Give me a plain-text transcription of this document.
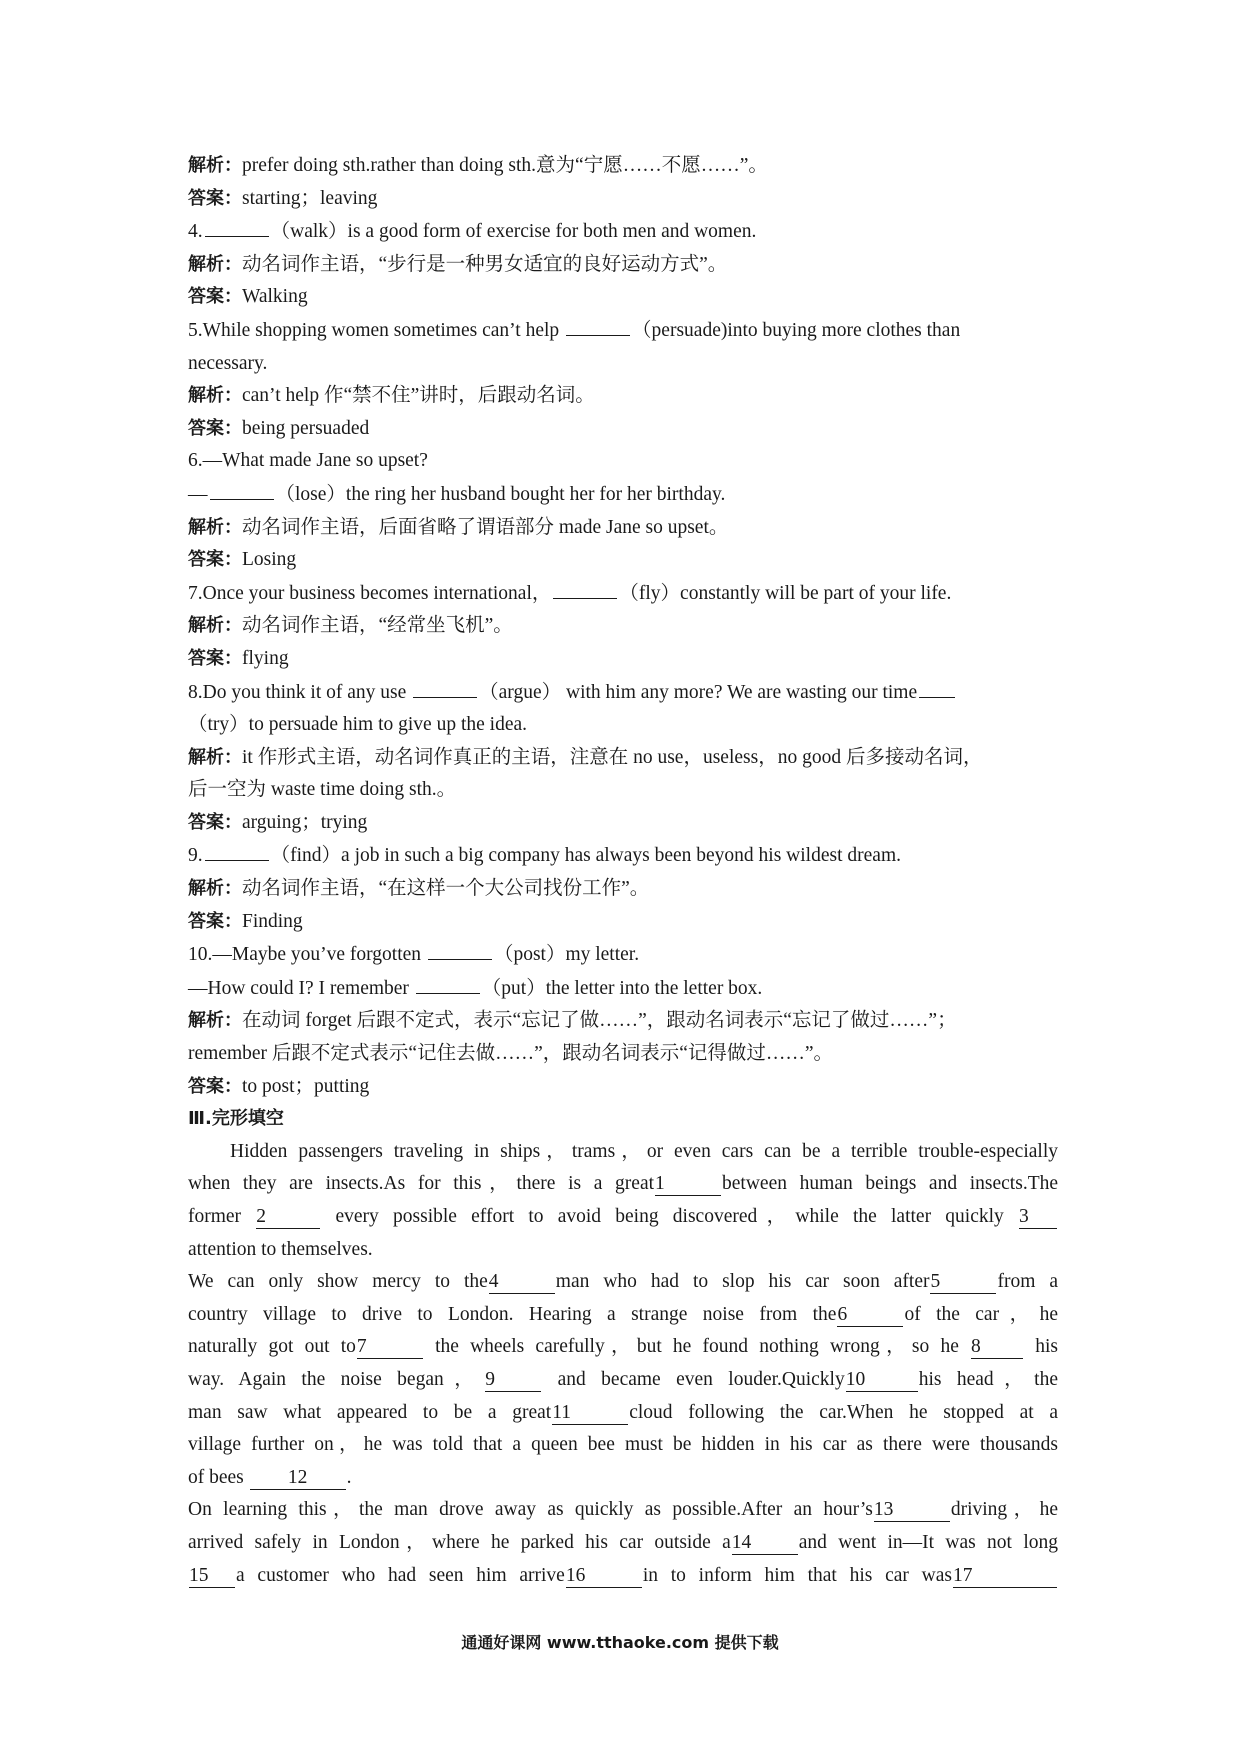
解析：prefer doing sth.rather than doing sth.意为“宁愿……不愿……”。
答案：starting；leaving
4.	（walk）is a good form of exercise for both men and women.
解析：动名词作主语，“步行是一种男女适宜的良好运动方式”。
答案：Walking
5.While shopping women sometimes can’t help	（persuade)into buying more clothes than
necessary.
解析：can’t help 作“禁不住”讲时，后跟动名词。
答案：being persuaded
6.—What made Jane so upset?
—	（lose）the ring her husband bought her for her birthday.
解析：动名词作主语，后面省略了谓语部分 made Jane so upset。
答案：Losing
7.Once your business becomes international，	（fly）constantly will be part of your life.
解析：动名词作主语，“经常坐飞机”。
答案：flying
8.Do you think it of any use	（argue） with him any more? We are wasting our time
（try）to persuade him to give up the idea.
解析：it 作形式主语，动名词作真正的主语，注意在 no use，useless，no good 后多接动名词，
后一空为 waste time doing sth.。
答案：arguing；trying
9.	（find）a job in such a big company has always been beyond his wildest dream.
解析：动名词作主语，“在这样一个大公司找份工作”。
答案：Finding
10.—Maybe you’ve forgotten	（post）my letter.
—How could I? I remember	（put）the letter into the letter box.
解析：在动词 forget 后跟不定式，表示“忘记了做……”，跟动名词表示“忘记了做过……”；
remember 后跟不定式表示“记住去做……”，跟动名词表示“记得做过……”。
答案：to post；putting
Ⅲ.完形填空
Hidden passengers traveling in ships，trams，or even cars can be a terrible trouble-especially
when they are insects.As for this，there is a great1	between human beings and insects.The
former 2	every possible effort to avoid being discovered，while the latter quickly 3
attention to themselves.
We can only show mercy to the4	man who had to slop his car soon after5	from a
country village to drive to London. Hearing a strange noise from the6	of the car，he
naturally got out to7	the wheels carefully，but he found nothing wrong，so he 8	his
way. Again the noise began，9	and became even louder.Quickly10	his head，the
man saw what appeared to be a great11	cloud following the car.When he stopped at a
village further on，he was told that a queen bee must be hidden in his car as there were thousands
of bees 12 .
On learning this，the man drove away as quickly as possible.After an hour’s13	driving，he
arrived safely in London，where he parked his car outside a14 and went in—It was not long
15 a customer who had seen him arrive16	in to inform him that his car was17
通通好课网 www.tthaoke.com 提供下载
